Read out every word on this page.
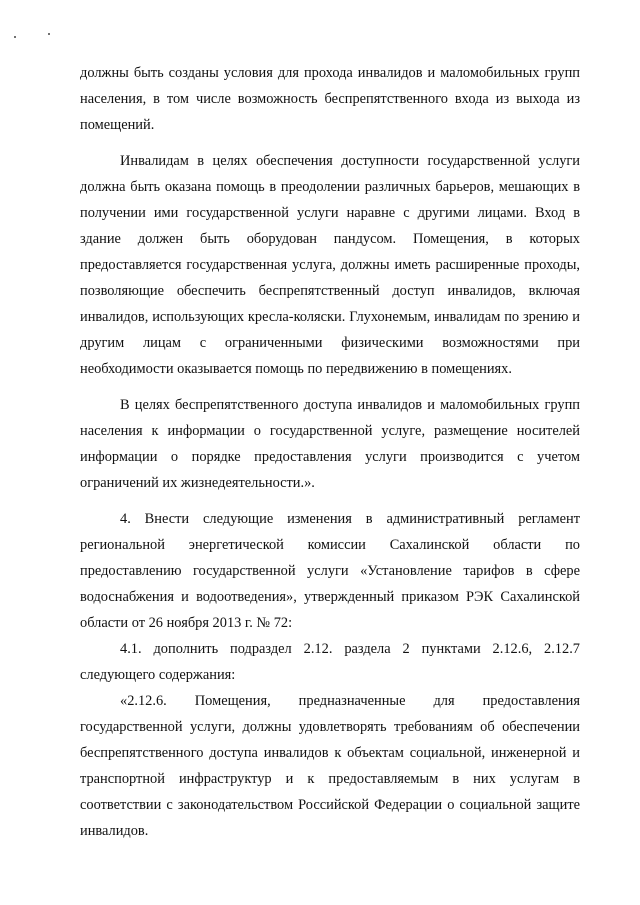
должны быть созданы условия для прохода инвалидов и маломобильных групп населения, в том числе возможность беспрепятственного входа из выхода из помещений.

Инвалидам в целях обеспечения доступности государственной услуги должна быть оказана помощь в преодолении различных барьеров, мешающих в получении ими государственной услуги наравне с другими лицами. Вход в здание должен быть оборудован пандусом. Помещения, в которых предоставляется государственная услуга, должны иметь расширенные проходы, позволяющие обеспечить беспрепятственный доступ инвалидов, включая инвалидов, использующих кресла-коляски. Глухонемым, инвалидам по зрению и другим лицам с ограниченными физическими возможностями при необходимости оказывается помощь по передвижению в помещениях.

В целях беспрепятственного доступа инвалидов и маломобильных групп населения к информации о государственной услуге, размещение носителей информации о порядке предоставления услуги производится с учетом ограничений их жизнедеятельности.».

4. Внести следующие изменения в административный регламент региональной энергетической комиссии Сахалинской области по предоставлению государственной услуги «Установление тарифов в сфере водоснабжения и водоотведения», утвержденный приказом РЭК Сахалинской области от 26 ноября 2013 г. № 72:

4.1. дополнить подраздел 2.12. раздела 2 пунктами 2.12.6, 2.12.7 следующего содержания:

«2.12.6. Помещения, предназначенные для предоставления государственной услуги, должны удовлетворять требованиям об обеспечении беспрепятственного доступа инвалидов к объектам социальной, инженерной и транспортной инфраструктур и к предоставляемым в них услугам в соответствии с законодательством Российской Федерации о социальной защите инвалидов.
